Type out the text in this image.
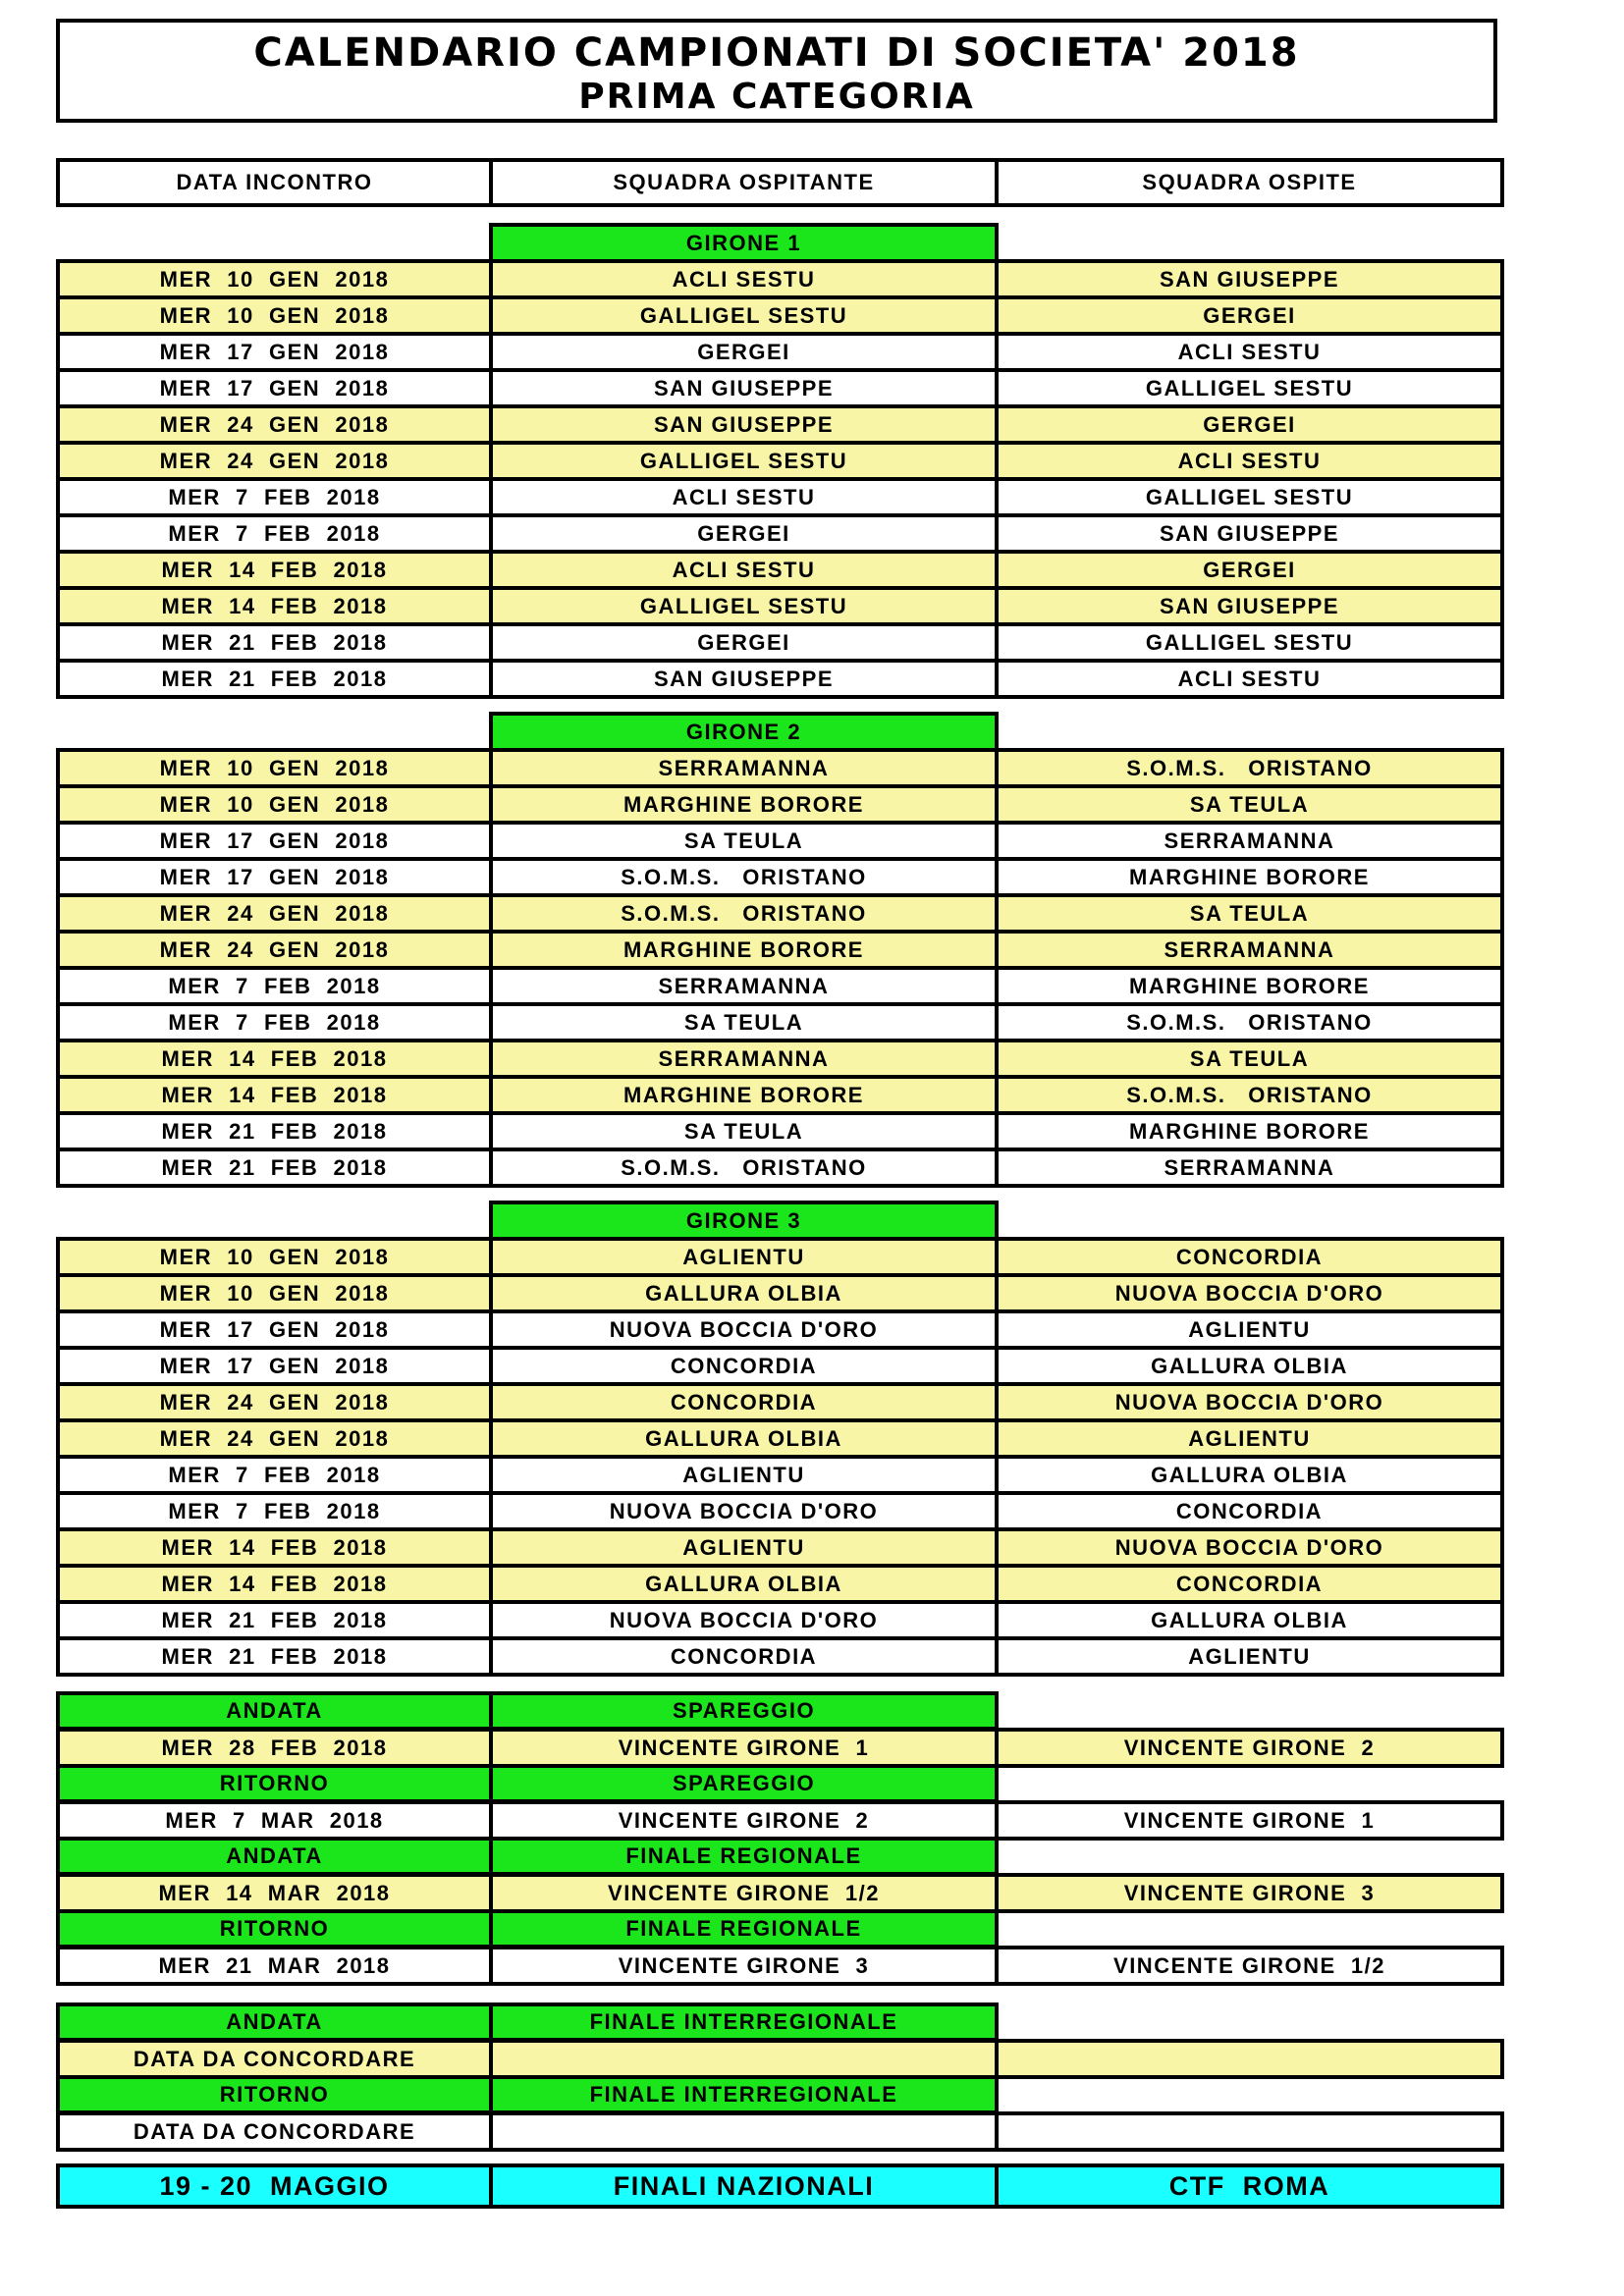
CALENDARIO CAMPIONATI DI SOCIETA' 2018
PRIMA CATEGORIA
DATA INCONTRO	SQUADRA OSPITANTE	SQUADRA OSPITE
GIRONE 1
MER  10  GEN  2018	ACLI SESTU	SAN GIUSEPPE
MER  10  GEN  2018	GALLIGEL SESTU	GERGEI
MER  17  GEN  2018	GERGEI	ACLI SESTU
MER  17  GEN  2018	SAN GIUSEPPE	GALLIGEL SESTU
MER  24  GEN  2018	SAN GIUSEPPE	GERGEI
MER  24  GEN  2018	GALLIGEL SESTU	ACLI SESTU
MER  7  FEB  2018	ACLI SESTU	GALLIGEL SESTU
MER  7  FEB  2018	GERGEI	SAN GIUSEPPE
MER  14  FEB  2018	ACLI SESTU	GERGEI
MER  14  FEB  2018	GALLIGEL SESTU	SAN GIUSEPPE
MER  21  FEB  2018	GERGEI	GALLIGEL SESTU
MER  21  FEB  2018	SAN GIUSEPPE	ACLI SESTU
GIRONE 2
MER  10  GEN  2018	SERRAMANNA	S.O.M.S.   ORISTANO
MER  10  GEN  2018	MARGHINE BORORE	SA TEULA
MER  17  GEN  2018	SA TEULA	SERRAMANNA
MER  17  GEN  2018	S.O.M.S.   ORISTANO	MARGHINE BORORE
MER  24  GEN  2018	S.O.M.S.   ORISTANO	SA TEULA
MER  24  GEN  2018	MARGHINE BORORE	SERRAMANNA
MER  7  FEB  2018	SERRAMANNA	MARGHINE BORORE
MER  7  FEB  2018	SA TEULA	S.O.M.S.   ORISTANO
MER  14  FEB  2018	SERRAMANNA	SA TEULA
MER  14  FEB  2018	MARGHINE BORORE	S.O.M.S.   ORISTANO
MER  21  FEB  2018	SA TEULA	MARGHINE BORORE
MER  21  FEB  2018	S.O.M.S.   ORISTANO	SERRAMANNA
GIRONE 3
MER  10  GEN  2018	AGLIENTU	CONCORDIA
MER  10  GEN  2018	GALLURA OLBIA	NUOVA BOCCIA D'ORO
MER  17  GEN  2018	NUOVA BOCCIA D'ORO	AGLIENTU
MER  17  GEN  2018	CONCORDIA	GALLURA OLBIA
MER  24  GEN  2018	CONCORDIA	NUOVA BOCCIA D'ORO
MER  24  GEN  2018	GALLURA OLBIA	AGLIENTU
MER  7  FEB  2018	AGLIENTU	GALLURA OLBIA
MER  7  FEB  2018	NUOVA BOCCIA D'ORO	CONCORDIA
MER  14  FEB  2018	AGLIENTU	NUOVA BOCCIA D'ORO
MER  14  FEB  2018	GALLURA OLBIA	CONCORDIA
MER  21  FEB  2018	NUOVA BOCCIA D'ORO	GALLURA OLBIA
MER  21  FEB  2018	CONCORDIA	AGLIENTU
ANDATA	SPAREGGIO
MER  28  FEB  2018	VINCENTE GIRONE  1	VINCENTE GIRONE  2
RITORNO	SPAREGGIO
MER  7  MAR  2018	VINCENTE GIRONE  2	VINCENTE GIRONE  1
ANDATA	FINALE REGIONALE
MER  14  MAR  2018	VINCENTE GIRONE  1/2	VINCENTE GIRONE  3
RITORNO	FINALE REGIONALE
MER  21  MAR  2018	VINCENTE GIRONE  3	VINCENTE GIRONE  1/2
ANDATA	FINALE INTERREGIONALE
DATA DA CONCORDARE
RITORNO	FINALE INTERREGIONALE
DATA DA CONCORDARE
19 - 20  MAGGIO	FINALI NAZIONALI	CTF  ROMA
